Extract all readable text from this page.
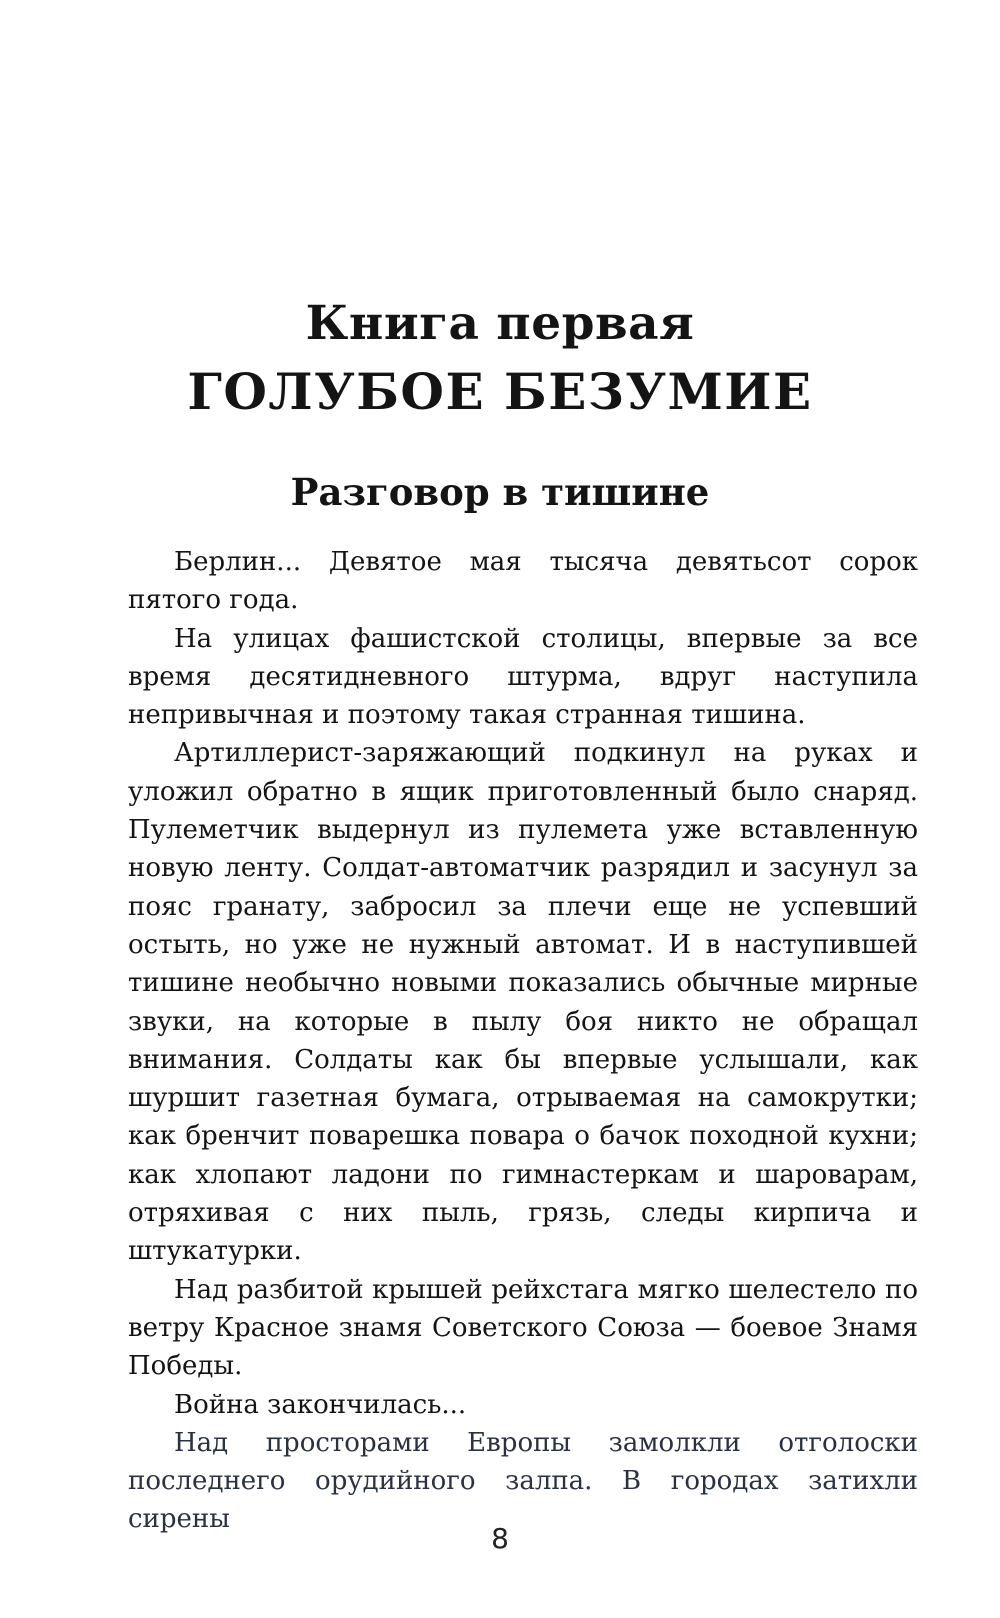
Книга первая
ГОЛУБОЕ БЕЗУМИЕ
Разговор в тишине

Берлин... Девятое мая тысяча девятьсот сорок пятого года.

На улицах фашистской столицы, впервые за все время десятидневного штурма, вдруг наступила непривычная и поэтому такая странная тишина.

Артиллерист-заряжающий подкинул на руках и уложил обратно в ящик приготовленный было снаряд. Пулеметчик выдернул из пулемета уже вставленную новую ленту. Солдат-автоматчик разрядил и засунул за пояс гранату, забросил за плечи еще не успевший остыть, но уже не нужный автомат. И в наступившей тишине необычно новыми показались обычные мирные звуки, на которые в пылу боя никто не обращал внимания. Солдаты как бы впервые услышали, как шуршит газетная бумага, отрываемая на самокрутки; как бренчит поварешка повара о бачок походной кухни; как хлопают ладони по гимнастеркам и шароварам, отряхивая с них пыль, грязь, следы кирпича и штукатурки.

Над разбитой крышей рейхстага мягко шелестело по ветру Красное знамя Советского Союза — боевое Знамя Победы.

Война закончилась...

Над просторами Европы замолкли отголоски последнего орудийного залпа. В городах затихли сирены

8
